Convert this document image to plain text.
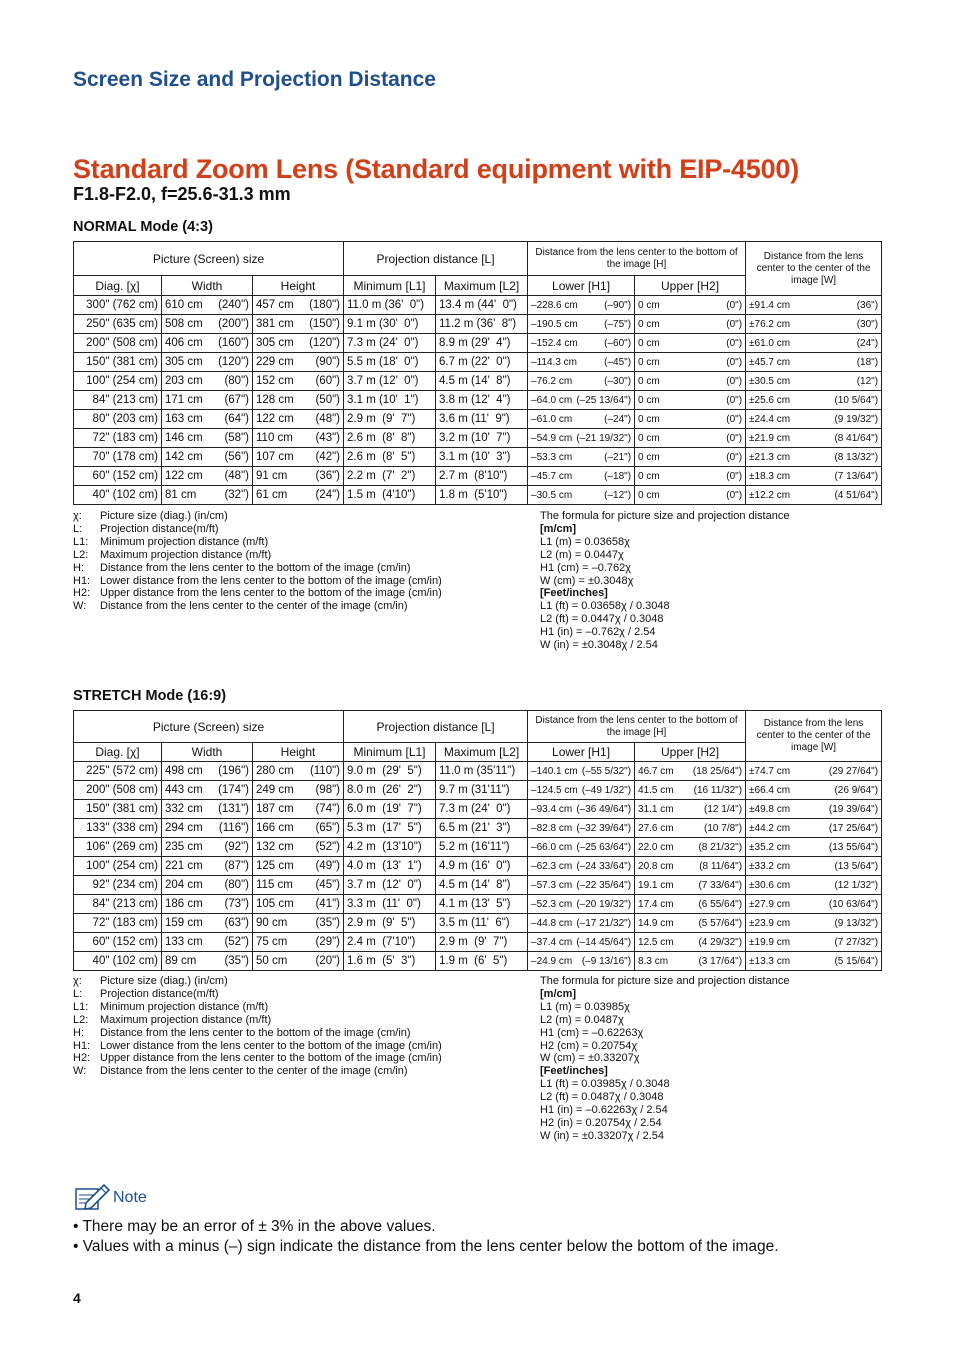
Screen Size and Projection Distance
Standard Zoom Lens (Standard equipment with EIP-4500)
F1.8-F2.0, f=25.6-31.3 mm
NORMAL Mode (4:3)
Picture (Screen) size			Projection distance [L]		Distance from the lens center to the bottom of the image [H]		Distance from the lens center to the center of the image [W]
Diag. [χ]	Width	Height	Minimum [L1]	Maximum [L2]	Lower [H1]	Upper [H2]	
300" (762 cm)	610 cm (240")	457 cm (180")	11.0 m (36'  0")	13.4 m (44'  0")	–228.6 cm (–90")	0 cm (0")	±91.4 cm (36")

250" (635 cm)	508 cm (200")	381 cm (150")	9.1 m (30'  0")	11.2 m (36'  8")	–190.5 cm (–75")	0 cm (0")	±76.2 cm (30")

200" (508 cm)	406 cm (160")	305 cm (120")	7.3 m (24'  0")	8.9 m (29'  4")	–152.4 cm (–60")	0 cm (0")	±61.0 cm (24")

150" (381 cm)	305 cm (120")	229 cm (90")	5.5 m (18'  0")	6.7 m (22'  0")	–114.3 cm (–45")	0 cm (0")	±45.7 cm (18")

100" (254 cm)	203 cm (80")	152 cm (60")	3.7 m (12'  0")	4.5 m (14'  8")	–76.2 cm (–30")	0 cm (0")	±30.5 cm (12")

84" (213 cm)	171 cm (67")	128 cm (50")	3.1 m (10'  1")	3.8 m (12'  4")	–64.0 cm (–25 13/64")	0 cm (0")	±25.6 cm (10 5/64")

80" (203 cm)	163 cm (64")	122 cm (48")	2.9 m  (9'  7")	3.6 m (11'  9")	–61.0 cm (–24")	0 cm (0")	±24.4 cm (9 19/32")

72" (183 cm)	146 cm (58")	110 cm (43")	2.6 m  (8'  8")	3.2 m (10'  7")	–54.9 cm (–21 19/32")	0 cm (0")	±21.9 cm (8 41/64")

70" (178 cm)	142 cm (56")	107 cm (42")	2.6 m  (8'  5")	3.1 m (10'  3")	–53.3 cm (–21")	0 cm (0")	±21.3 cm (8 13/32")

60" (152 cm)	122 cm (48")	91 cm (36")	2.2 m  (7'  2")	2.7 m  (8'10")	–45.7 cm (–18")	0 cm (0")	±18.3 cm (7 13/64")

40" (102 cm)	81 cm (32")	61 cm (24")	1.5 m  (4'10")	1.8 m  (5'10")	–30.5 cm (–12")	0 cm (0")	±12.2 cm (4 51/64")
χ: Picture size (diag.) (in/cm)
L: Projection distance(m/ft)
L1: Minimum projection distance (m/ft)
L2: Maximum projection distance (m/ft)
H: Distance from the lens center to the bottom of the image (cm/in)
H1: Lower distance from the lens center to the bottom of the image (cm/in)
H2: Upper distance from the lens center to the bottom of the image (cm/in)
W: Distance from the lens center to the center of the image (cm/in)
The formula for picture size and projection distance
[m/cm]
L1 (m) = 0.03658χ
L2 (m) = 0.0447χ
H1 (cm) = –0.762χ
W (cm) = ±0.3048χ
[Feet/inches]
L1 (ft) = 0.03658χ / 0.3048
L2 (ft) = 0.0447χ / 0.3048
H1 (in) = –0.762χ / 2.54
W (in) = ±0.3048χ / 2.54
STRETCH Mode (16:9)
Picture (Screen) size			Projection distance [L]		Distance from the lens center to the bottom of the image [H]		Distance from the lens center to the center of the image [W]
Diag. [χ]	Width	Height	Minimum [L1]	Maximum [L2]	Lower [H1]	Upper [H2]	
225" (572 cm)	498 cm (196")	280 cm (110")	9.0 m  (29'  5")	11.0 m (35'11")	–140.1 cm (–55 5/32")	46.7 cm (18 25/64")	±74.7 cm (29 27/64")

200" (508 cm)	443 cm (174")	249 cm (98")	8.0 m  (26'  2")	9.7 m (31'11")	–124.5 cm (–49 1/32")	41.5 cm (16 11/32")	±66.4 cm (26 9/64")

150" (381 cm)	332 cm (131")	187 cm (74")	6.0 m  (19'  7")	7.3 m (24'  0")	–93.4 cm (–36 49/64")	31.1 cm (12 1/4")	±49.8 cm (19 39/64")

133" (338 cm)	294 cm (116")	166 cm (65")	5.3 m  (17'  5")	6.5 m (21'  3")	–82.8 cm (–32 39/64")	27.6 cm (10 7/8")	±44.2 cm (17 25/64")

106" (269 cm)	235 cm (92")	132 cm (52")	4.2 m  (13'10")	5.2 m (16'11")	–66.0 cm (–25 63/64")	22.0 cm (8 21/32")	±35.2 cm (13 55/64")

100" (254 cm)	221 cm (87")	125 cm (49")	4.0 m  (13'  1")	4.9 m (16'  0")	–62.3 cm (–24 33/64")	20.8 cm (8 11/64")	±33.2 cm (13 5/64")

92" (234 cm)	204 cm (80")	115 cm (45")	3.7 m  (12'  0")	4.5 m (14'  8")	–57.3 cm (–22 35/64")	19.1 cm (7 33/64")	±30.6 cm (12 1/32")

84" (213 cm)	186 cm (73")	105 cm (41")	3.3 m  (11'  0")	4.1 m (13'  5")	–52.3 cm (–20 19/32")	17.4 cm (6 55/64")	±27.9 cm (10 63/64")

72" (183 cm)	159 cm (63")	90 cm (35")	2.9 m  (9'  5")	3.5 m (11'  6")	–44.8 cm (–17 21/32")	14.9 cm (5 57/64")	±23.9 cm (9 13/32")

60" (152 cm)	133 cm (52")	75 cm (29")	2.4 m  (7'10")	2.9 m  (9'  7")	–37.4 cm (–14 45/64")	12.5 cm (4 29/32")	±19.9 cm (7 27/32")

40" (102 cm)	89 cm (35")	50 cm (20")	1.6 m  (5'  3")	1.9 m  (6'  5")	–24.9 cm (–9 13/16")	8.3 cm (3 17/64")	±13.3 cm (5 15/64")
χ: Picture size (diag.) (in/cm)
L: Projection distance(m/ft)
L1: Minimum projection distance (m/ft)
L2: Maximum projection distance (m/ft)
H: Distance from the lens center to the bottom of the image (cm/in)
H1: Lower distance from the lens center to the bottom of the image (cm/in)
H2: Upper distance from the lens center to the bottom of the image (cm/in)
W: Distance from the lens center to the center of the image (cm/in)
The formula for picture size and projection distance
[m/cm]
L1 (m) = 0.03985χ
L2 (m) = 0.0487χ
H1 (cm) = –0.62263χ
H2 (cm) = 0.20754χ
W (cm) = ±0.33207χ
[Feet/inches]
L1 (ft) = 0.03985χ / 0.3048
L2 (ft) = 0.0487χ / 0.3048
H1 (in) = –0.62263χ / 2.54
H2 (in) = 0.20754χ / 2.54
W (in) = ±0.33207χ / 2.54
Note
• There may be an error of ± 3% in the above values.
• Values with a minus (–) sign indicate the distance from the lens center below the bottom of the image.
4
